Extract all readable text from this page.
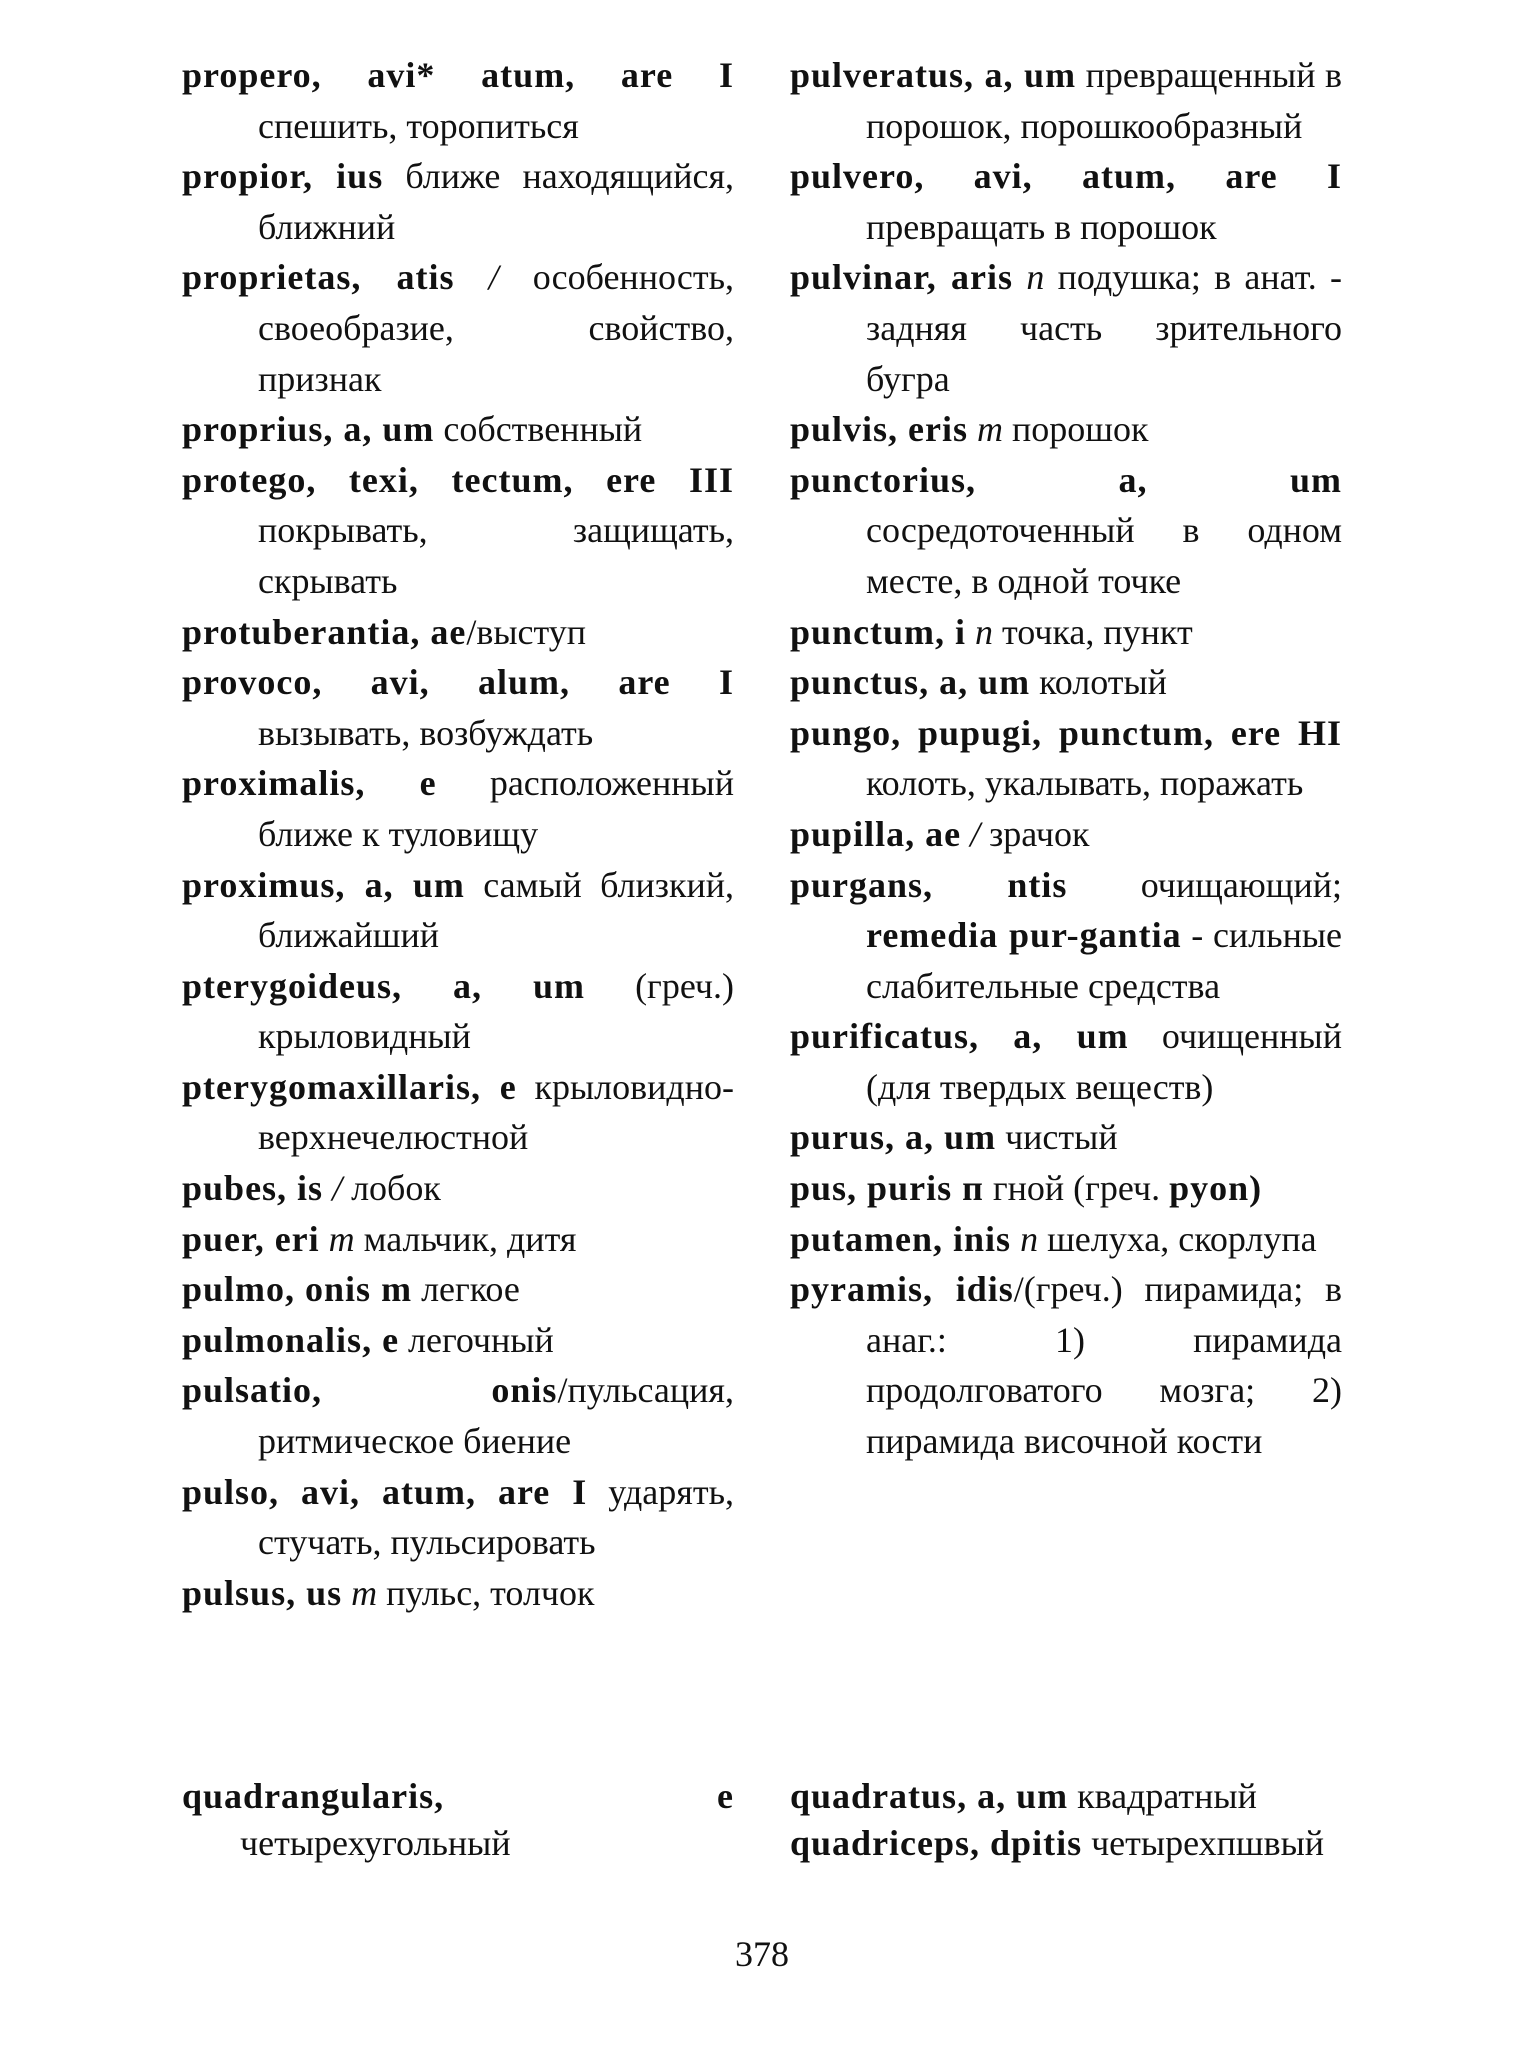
propero, avi* atum, are I спешить, торопиться

propior, ius ближе находящийся, ближний

proprietas, atis / особенность, своеобразие, свойство, признак

proprius, a, um собственный

protego, texi, tectum, ere III покрывать, защищать, скрывать

protuberantia, ae/выступ

provoco, avi, alum, are I вызывать, возбуждать

proximalis, e расположенный ближе к туловищу

proximus, a, um самый близкий, ближайший

pterygoideus, a, um (греч.) крыловидный

pterygomaxillaris, e крыловидно-верхнечелюстной

pubes, is / лобок

puer, eri m мальчик, дитя

pulmo, onis m легкое

pulmonalis, e легочный

pulsatio, onis/пульсация, ритмическое биение

pulso, avi, atum, are I ударять, стучать, пульсировать

pulsus, us m пульс, толчок

pulveratus, a, um превращенный в порошок, порошкообразный

pulvero, avi, atum, are I превращать в порошок

pulvinar, aris n подушка; в анат. - задняя часть зрительного бугра

pulvis, eris m порошок

punctorius, a, um сосредоточенный в одном месте, в одной точке

punctum, i n точка, пункт

punctus, a, um колотый

pungo, pupugi, punctum, ere HI колоть, укалывать, поражать

pupilla, ae / зрачок

purgans, ntis очищающий; remedia pur-gantia - сильные слабительные средства

purificatus, a, um очищенный (для твердых веществ)

purus, a, um чистый

pus, puris п гной (греч. pyon)

putamen, inis n шелуха, скорлупа

pyramis, idis/(греч.) пирамида; в анаг.: 1) пирамида продолговатого мозга; 2) пирамида височной кости

quadrangularis, e четырехугольный

quadratus, a, um квадратный

quadriceps, dpitis четырехпшвый

378
